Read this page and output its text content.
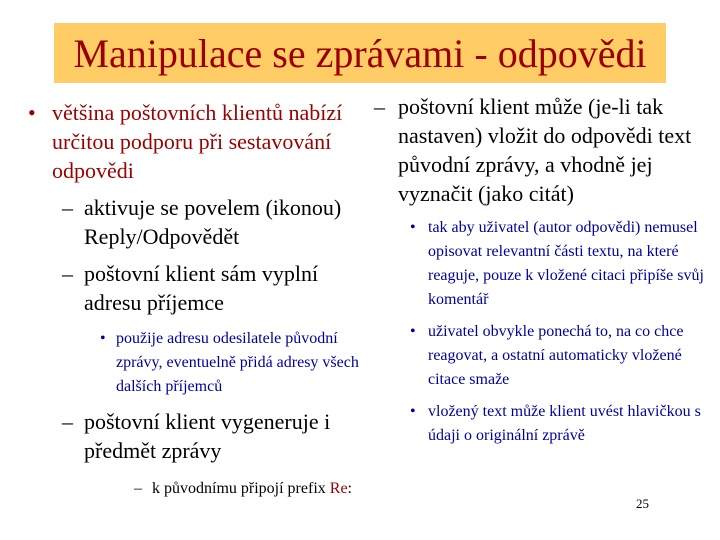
Manipulace se zprávami - odpovědi
• většina poštovních klientů nabízí určitou podporu při sestavování odpovědi
– aktivuje se povelem (ikonou) Reply/Odpovědět
– poštovní klient sám vyplní adresu příjemce
• použije adresu odesilatele původní zprávy, eventuelně přidá adresy všech dalších příjemců
– poštovní klient vygeneruje i předmět zprávy
– k původnímu připojí prefix Re:
– poštovní klient může (je-li tak nastaven) vložit do odpovědi text původní zprávy, a vhodně jej vyznačit (jako citát)
• tak aby uživatel (autor odpovědi) nemusel opisovat relevantní části textu, na které reaguje, pouze k vložené citaci připíše svůj komentář
• uživatel obvykle ponechá to, na co chce reagovat, a ostatní automaticky vložené citace smaže
• vložený text může klient uvést hlavičkou s údaji o originální zprávě
25
